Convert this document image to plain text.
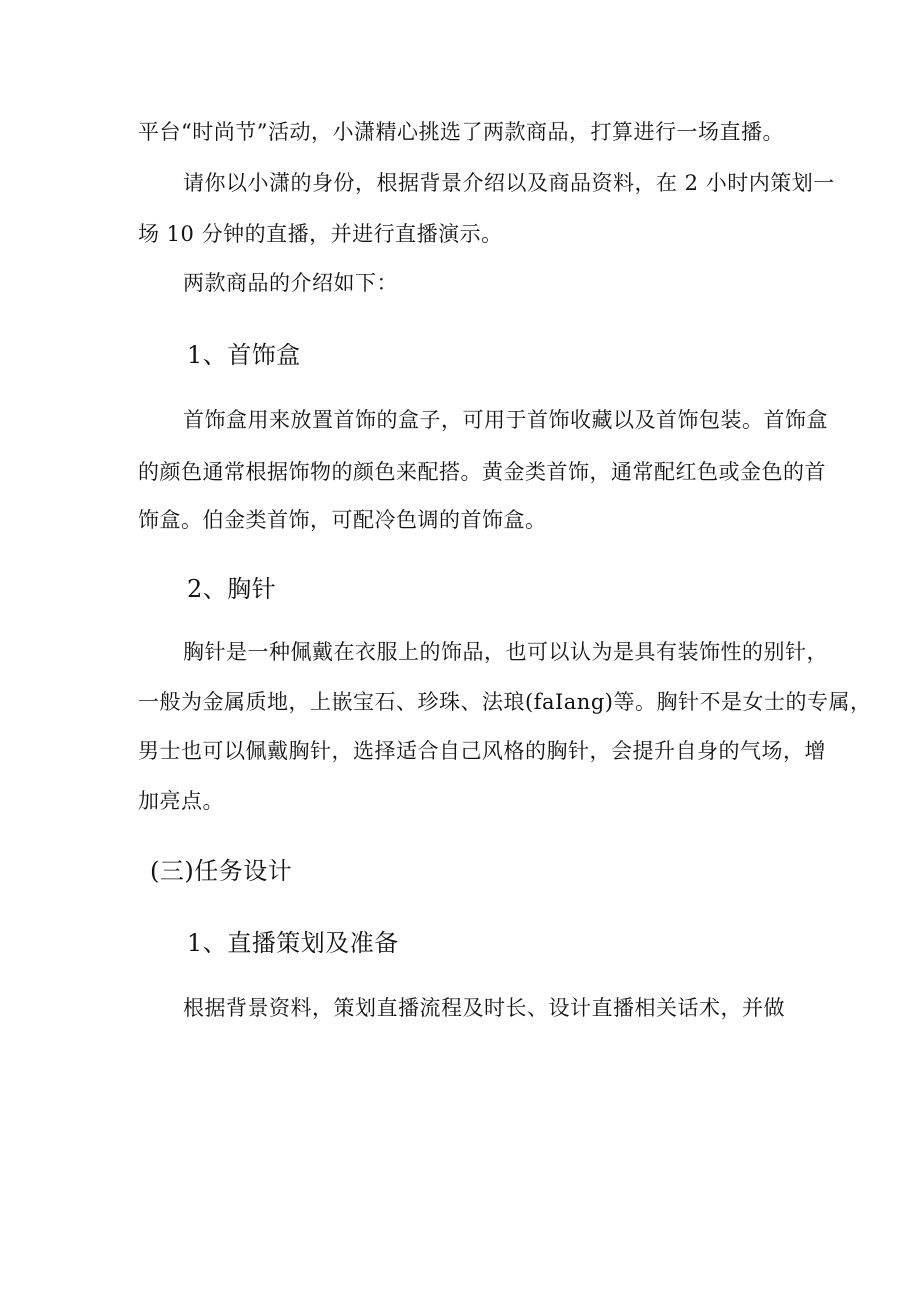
平台“时尚节”活动，小潇精心挑选了两款商品，打算进行一场直播。
请你以小潇的身份，根据背景介绍以及商品资料，在 2 小时内策划一
场 10 分钟的直播，并进行直播演示。
两款商品的介绍如下：
1、首饰盒
首饰盒用来放置首饰的盒子，可用于首饰收藏以及首饰包装。首饰盒
的颜色通常根据饰物的颜色来配搭。黄金类首饰，通常配红色或金色的首
饰盒。伯金类首饰，可配冷色调的首饰盒。
2、胸针
胸针是一种佩戴在衣服上的饰品，也可以认为是具有装饰性的别针，
一般为金属质地，上嵌宝石、珍珠、法琅(faIang)等。胸针不是女士的专属，
男士也可以佩戴胸针，选择适合自己风格的胸针，会提升自身的气场，增
加亮点。
(三)任务设计
1、直播策划及准备
根据背景资料，策划直播流程及时长、设计直播相关话术，并做
